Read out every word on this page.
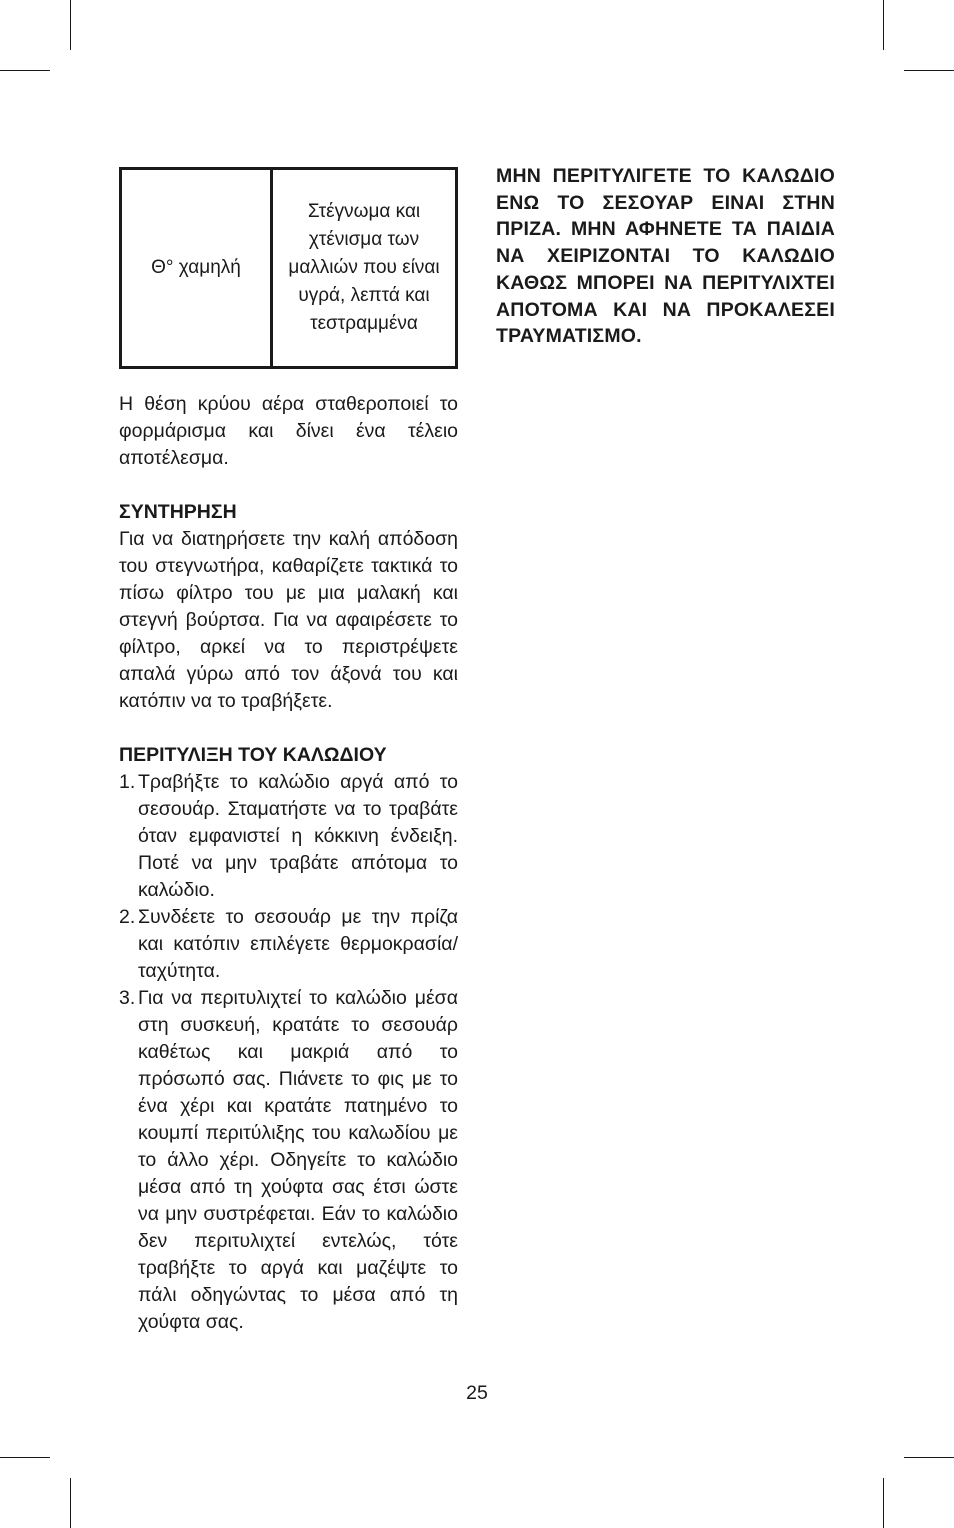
Θ° χαμηλή	Στέγνωμα και χτένισμα των μαλλιών που είναι υγρά, λεπτά και τεστραμμένα

Η θέση κρύου αέρα σταθεροποιεί το φορμάρισμα και δίνει ένα τέλειο αποτέλεσμα.

ΣΥΝΤΗΡΗΣΗ

Για να διατηρήσετε την καλή απόδοση του στεγνωτήρα, καθαρίζετε τακτικά το πίσω φίλτρο του με μια μαλακή και στεγνή βούρτσα. Για να αφαιρέσετε το φίλτρο, αρκεί να το περιστρέψετε απαλά γύρω από τον άξονά του και κατόπιν να το τραβήξετε.

ΠΕΡΙΤΥΛΙΞΗ ΤΟΥ ΚΑΛΩΔΙΟΥ
1. Τραβήξτε το καλώδιο αργά από το σεσουάρ. Σταματήστε να το τραβάτε όταν εμφανιστεί η κόκκινη ένδειξη. Ποτέ να μην τραβάτε απότομα το καλώδιο.
2. Συνδέετε το σεσουάρ με την πρίζα και κατόπιν επιλέγετε θερμοκρασία/ταχύτητα.
3. Για να περιτυλιχτεί το καλώδιο μέσα στη συσκευή, κρατάτε το σεσουάρ καθέτως και μακριά από το πρόσωπό σας. Πιάνετε το φις με το ένα χέρι και κρατάτε πατημένο το κουμπί περιτύλιξης του καλωδίου με το άλλο χέρι. Οδηγείτε το καλώδιο μέσα από τη χούφτα σας έτσι ώστε να μην συστρέφεται. Εάν το καλώδιο δεν περιτυλιχτεί εντελώς, τότε τραβήξτε το αργά και μαζέψτε το πάλι οδηγώντας το μέσα από τη χούφτα σας.

ΜΗΝ ΠΕΡΙΤΥΛΙΓΕΤΕ ΤΟ ΚΑΛΩΔΙΟ ΕΝΩ ΤΟ ΣΕΣΟΥΑΡ ΕΙΝΑΙ ΣΤΗΝ ΠΡΙΖΑ. ΜΗΝ ΑΦΗΝΕΤΕ ΤΑ ΠΑΙΔΙΑ ΝΑ ΧΕΙΡΙΖΟΝΤΑΙ ΤΟ ΚΑΛΩΔΙΟ ΚΑΘΩΣ ΜΠΟΡΕΙ ΝΑ ΠΕΡΙΤΥΛΙΧΤΕΙ ΑΠΟΤΟΜΑ ΚΑΙ ΝΑ ΠΡΟΚΑΛΕΣΕΙ ΤΡΑΥΜΑΤΙΣΜΟ.

25
